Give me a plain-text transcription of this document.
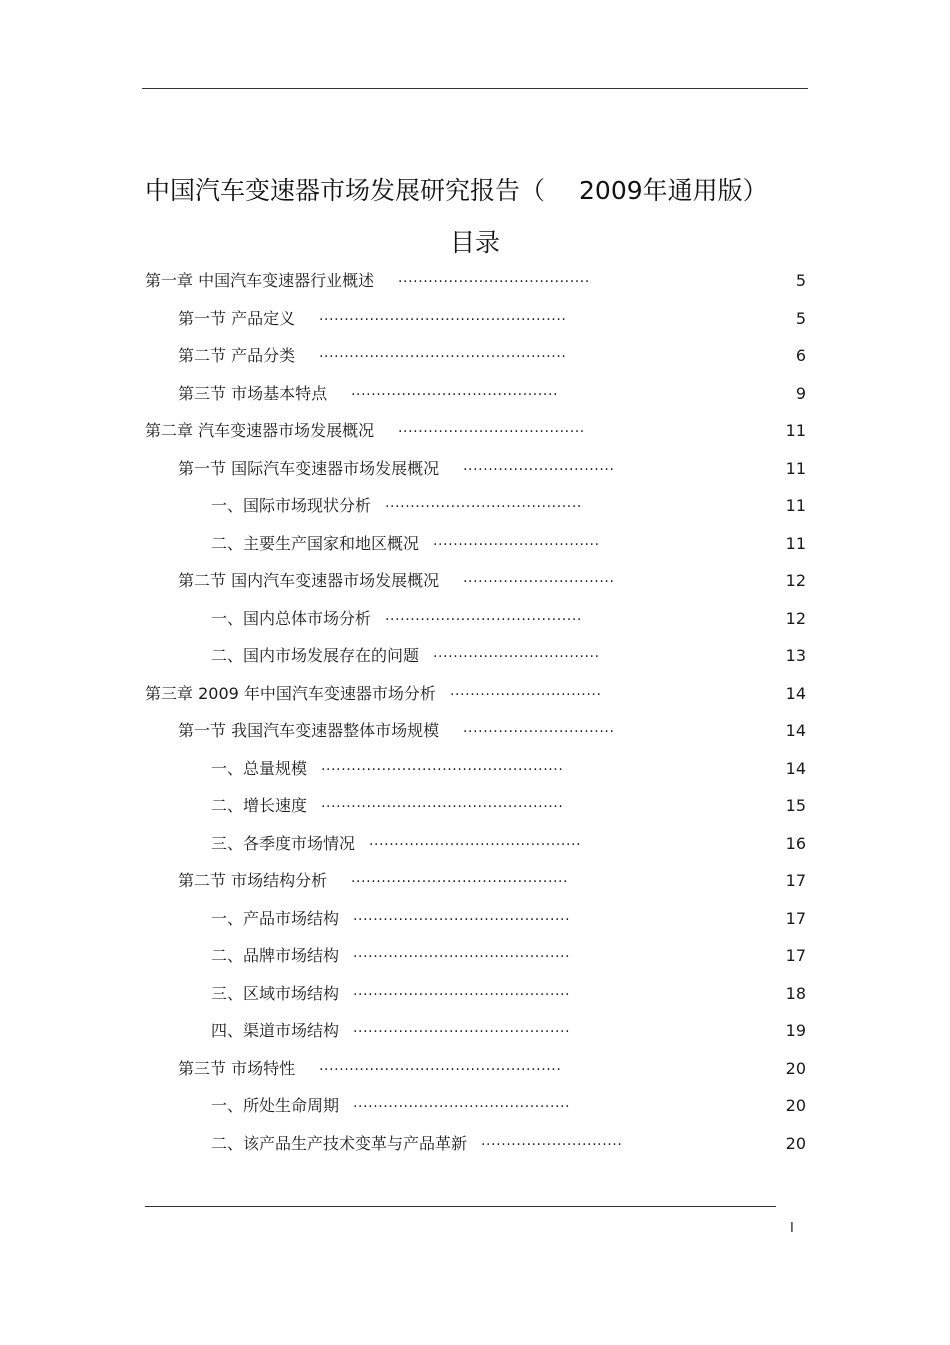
中国汽车变速器市场发展研究报告（ 2009年通用版）
目录
第一章 中国汽车变速器行业概述 ......................................	5
第一节 产品定义 .................................................	5
第二节 产品分类 .................................................	6
第三节 市场基本特点 .........................................	9
第二章 汽车变速器市场发展概况 .....................................	11
第一节 国际汽车变速器市场发展概况 ..............................	11
一、国际市场现状分析 .......................................	11
二、主要生产国家和地区概况 .................................	11
第二节 国内汽车变速器市场发展概况 ..............................	12
一、国内总体市场分析 .......................................	12
二、国内市场发展存在的问题 .................................	13
第三章 2009 年中国汽车变速器市场分析 ..............................	14
第一节 我国汽车变速器整体市场规模 ..............................	14
一、总量规模 ................................................	14
二、增长速度 ................................................	15
三、各季度市场情况 ..........................................	16
第二节 市场结构分析 ...........................................	17
一、产品市场结构 ...........................................	17
二、品牌市场结构 ...........................................	17
三、区域市场结构 ...........................................	18
四、渠道市场结构 ...........................................	19
第三节 市场特性 ................................................	20
一、所处生命周期 ...........................................	20
二、该产品生产技术变革与产品革新 ............................	20
I
